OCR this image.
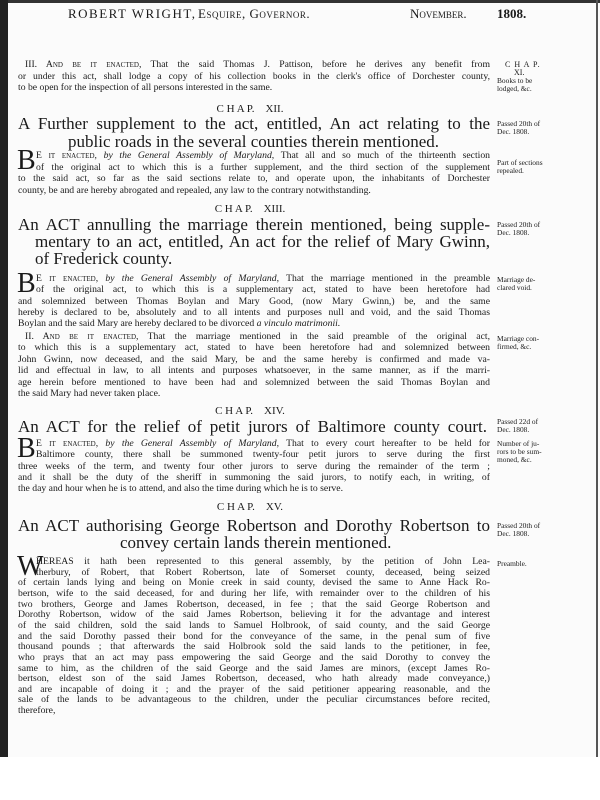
ROBERT WRIGHT, Esquire, Governor.	November. 1808.
III. And be it enacted, That the said Thomas J. Pattison, before he derives any benefit from
or under this act, shall lodge a copy of his collection books in the clerk's office of Dorchester county,
to be open for the inspection of all persons interested in the same.
C H A P.
XI.
Books to be
lodged, &c.
C H A P.    XII.
A Further supplement to the act, entitled, An act relating to the
public roads in the several counties therein mentioned.
Passed 20th of
Dec. 1808.
E it enacted, by the General Assembly of Maryland, That all and so much of the thirteenth section
of the original act to which this is a further supplement, and the third section of the supplement
to the said act, so far as the said sections relate to, and operate upon, the inhabitants of Dorchester
county, be and are hereby abrogated and repealed, any law to the contrary notwithstanding.
B	Part of sections
repealed.
C H A P.    XIII.
An ACT annulling the marriage therein mentioned, being supple-
mentary to an act, entitled, An act for the relief of Mary Gwinn,
of Frederick county.
Passed 20th of
Dec. 1808.
E it enacted, by the General Assembly of Maryland, That the marriage mentioned in the preamble
of the original act, to which this is a supplementary act, stated to have been heretofore had
and solemnized between Thomas Boylan and Mary Good, (now Mary Gwinn,) be, and the same
hereby is declared to be, absolutely and to all intents and purposes null and void, and the said Thomas
Boylan and the said Mary are hereby declared to be divorced a vinculo matrimonii.
B	Marriage de-
clared void.
II. And be it enacted, That the marriage mentioned in the said preamble of the original act,
to which this is a supplementary act, stated to have been heretofore had and solemnized between
John Gwinn, now deceased, and the said Mary, be and the same hereby is confirmed and made va-
lid and effectual in law, to all intents and purposes whatsoever, in the same manner, as if the marri-
age herein before mentioned to have been had and solemnized between the said Thomas Boylan and
the said Mary had never taken place.
Marriage con-
firmed, &c.
C H A P.    XIV.
An ACT for the relief of petit jurors of Baltimore county court. Passed 22d of
Dec. 1808.
E it enacted, by the General Assembly of Maryland, That to every court hereafter to be held for
Baltimore county, there shall be summoned twenty-four petit jurors to serve during the first
three weeks of the term, and twenty four other jurors to serve during the remainder of the term ;
and it shall be the duty of the sheriff in summoning the said jurors, to notify each, in writing, of
the day and hour when he is to attend, and also the time during which he is to serve.
B	Number of ju-
rors to be sum-
moned, &c.
C H A P.    XV.
An ACT authorising George Robertson and Dorothy Robertson to
convey certain lands therein mentioned.
Passed 20th of
Dec. 1808.
HEREAS it hath been represented to this general assembly, by the petition of John Lea-
therbury, of Robert, that Robert Robertson, late of Somerset county, deceased, being seized
of certain lands lying and being on Monie creek in said county, devised the same to Anne Hack Ro-
bertson, wife to the said deceased, for and during her life, with remainder over to the children of his
two brothers, George and James Robertson, deceased, in fee ; that the said George Robertson and
Dorothy Robertson, widow of the said James Robertson, believing it for the advantage and interest
of the said children, sold the said lands to Samuel Holbrook, of said county, and the said George
and the said Dorothy passed their bond for the conveyance of the same, in the penal sum of five
thousand pounds ; that afterwards the said Holbrook sold the said lands to the petitioner, in fee,
who prays that an act may pass empowering the said George and the said Dorothy to convey the
same to him, as the children of the said George and the said James are minors, (except James Ro-
bertson, eldest son of the said James Robertson, deceased, who hath already made conveyance,)
and are incapable of doing it ; and the prayer of the said petitioner appearing reasonable, and the
sale of the lands to be advantageous to the children, under the peculiar circumstances before recited,
therefore,
W	Preamble.
